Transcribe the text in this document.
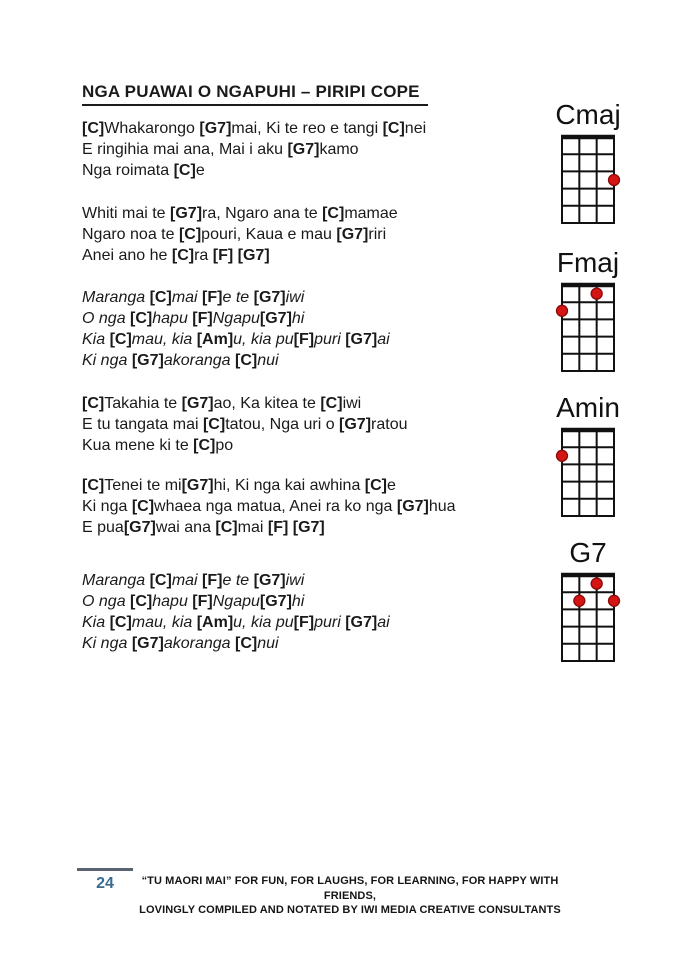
NGA PUAWAI O NGAPUHI – PIRIPI COPE
[C]Whakarongo [G7]mai, Ki te reo e tangi [C]nei
E ringihia mai ana, Mai i aku [G7]kamo
Nga roimata [C]e
Whiti mai te [G7]ra, Ngaro ana te [C]mamae
Ngaro noa te [C]pouri, Kaua e mau [G7]riri
Anei ano he [C]ra [F] [G7]
Maranga [C]mai [F]e te [G7]iwi
O nga [C]hapu [F]Ngapu[G7]hi
Kia [C]mau, kia [Am]u, kia pu[F]puri [G7]ai
Ki nga [G7]akoranga [C]nui
[C]Takahia te [G7]ao, Ka kitea te [C]iwi
E tu tangata mai [C]tatou, Nga uri o [G7]ratou
Kua mene ki te [C]po
[C]Tenei te mi[G7]hi, Ki nga kai awhina [C]e
Ki nga [C]whaea nga matua, Anei ra ko nga [G7]hua
E pua[G7]wai ana [C]mai [F] [G7]
Maranga [C]mai [F]e te [G7]iwi
O nga [C]hapu [F]Ngapu[G7]hi
Kia [C]mau, kia [Am]u, kia pu[F]puri [G7]ai
Ki nga [G7]akoranga [C]nui
Cmaj
Fmaj
Amin
G7
24	“TU MAORI MAI” FOR FUN, FOR LAUGHS, FOR LEARNING, FOR HAPPY WITH FRIENDS,
LOVINGLY COMPILED AND NOTATED BY IWI MEDIA CREATIVE CONSULTANTS
